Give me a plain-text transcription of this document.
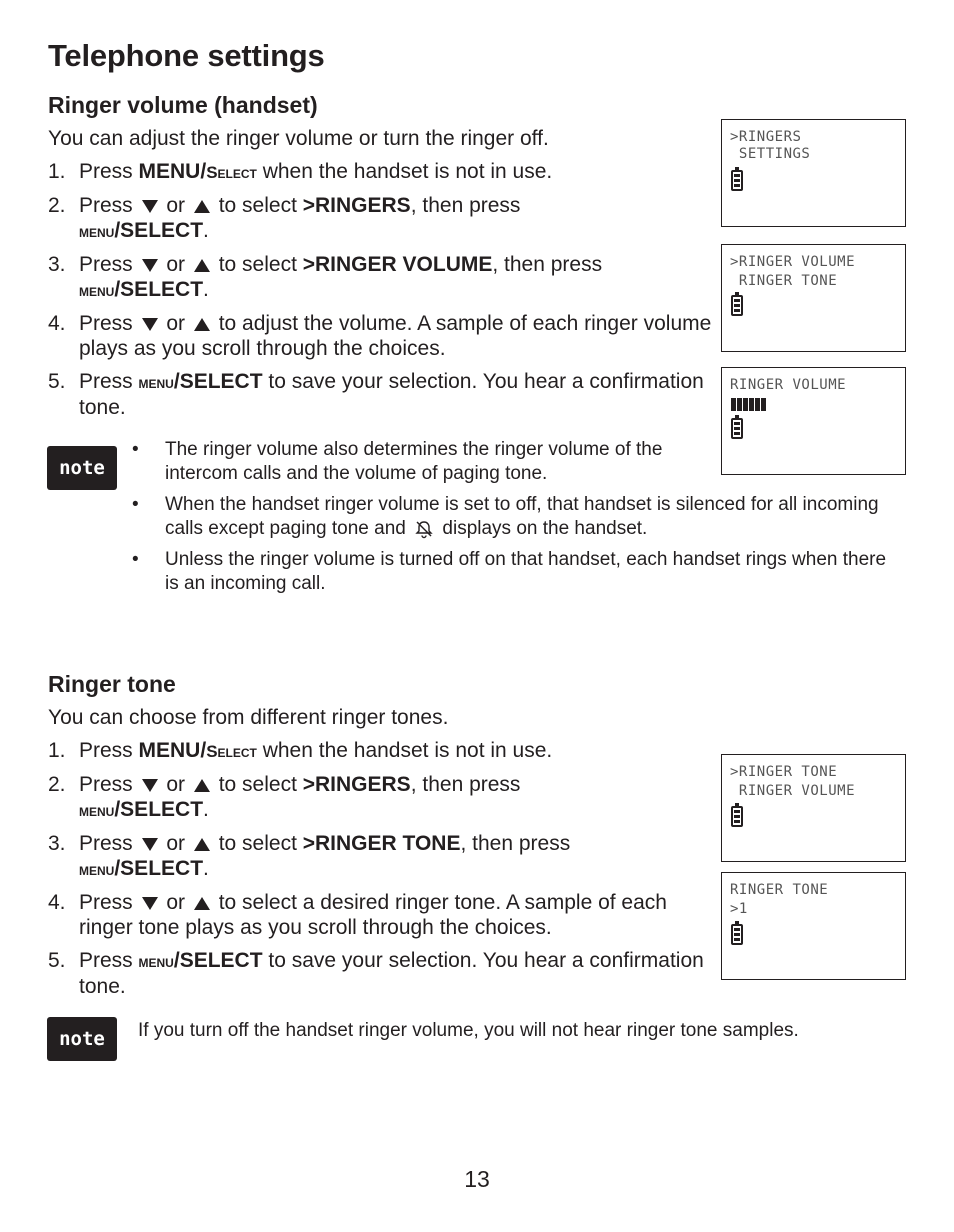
Telephone settings
Ringer volume (handset)

You can adjust the ringer volume or turn the ringer off.

1. Press MENU/Select when the handset is not in use.
2. Press  or  to select >RINGERS, then press
menu/SELECT.
3. Press  or  to select >RINGER VOLUME, then press
menu/SELECT.
4. Press  or  to adjust the volume. A sample of each ringer volume plays as you scroll through the choices.
5. Press menu/SELECT to save your selection. You hear a confirmation tone.
>RINGERS
SETTINGS
>RINGER VOLUME
RINGER TONE
RINGER VOLUME
note
• The ringer volume also determines the ringer volume of the intercom calls and the volume of paging tone.
• When the handset ringer volume is set to off, that handset is silenced for all incoming calls except paging tone and  displays on the handset.
• Unless the ringer volume is turned off on that handset, each handset rings when there is an incoming call.
Ringer tone

You can choose from different ringer tones.

1. Press MENU/Select when the handset is not in use.
2. Press  or  to select >RINGERS, then press
menu/SELECT.
3. Press  or  to select >RINGER TONE, then press
menu/SELECT.
4. Press  or  to select a desired ringer tone. A sample of each ringer tone plays as you scroll through the choices.
5. Press menu/SELECT to save your selection. You hear a confirmation tone.
>RINGER TONE
RINGER VOLUME
RINGER TONE
>1
note	If you turn off the handset ringer volume, you will not hear ringer tone samples.
13
